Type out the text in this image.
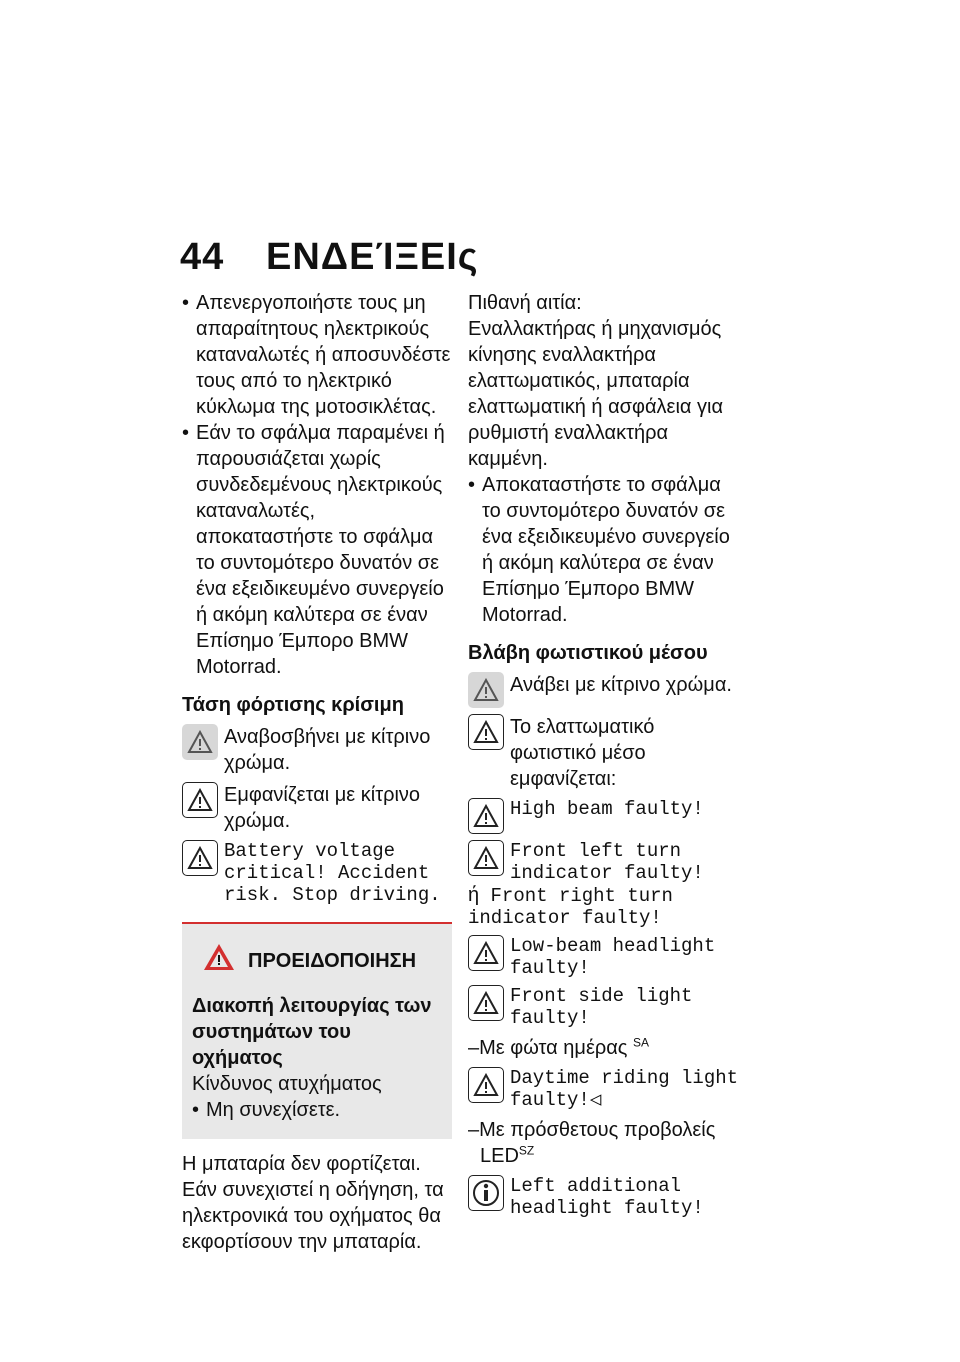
44 ΕΝΔΕΊΞΕΙς

• Απενεργοποιήστε τους μη απαραίτητους ηλεκτρικούς καταναλωτές ή αποσυνδέστε τους από το ηλεκτρικό κύκλωμα της μοτοσικλέτας.

• Εάν το σφάλμα παραμένει ή παρουσιάζεται χωρίς συνδεδεμένους ηλεκτρικούς καταναλωτές, αποκαταστήστε το σφάλμα το συντομότερο δυνατόν σε ένα εξειδικευμένο συνεργείο ή ακόμη καλύτερα σε έναν Επίσημο Έμπορο BMW Motorrad.

Τάση φόρτισης κρίσιμη

Αναβοσβήνει με κίτρινο χρώμα.
Εμφανίζεται με κίτρινο χρώμα.
Battery voltage critical! Accident risk. Stop driving.
ΠΡΟΕΙΔΟΠΟΙΗΣΗ

Διακοπή λειτουργίας των συστημάτων του οχήματος

Κίνδυνος ατυχήματος

• Μη συνεχίσετε.

Η μπαταρία δεν φορτίζεται. Εάν συνεχιστεί η οδήγηση, τα ηλεκτρονικά του οχήματος θα εκφορτίσουν την μπαταρία.

Πιθανή αιτία:

Εναλλακτήρας ή μηχανισμός κίνησης εναλλακτήρα ελαττωματικός, μπαταρία ελαττωματική ή ασφάλεια για ρυθμιστή εναλλακτήρα καμμένη.

• Αποκαταστήστε το σφάλμα το συντομότερο δυνατόν σε ένα εξειδικευμένο συνεργείο ή ακόμη καλύτερα σε έναν Επίσημο Έμπορο BMW Motorrad.

Βλάβη φωτιστικού μέσου

Ανάβει με κίτρινο χρώμα.
Το ελαττωματικό φωτιστικό μέσο εμφανίζεται:
High beam faulty!
Front left turn indicator faulty!

ή Front right turn indicator faulty!

Low-beam headlight faulty!
Front side light faulty!

–Με φώτα ημέρας $^{SA}$

Daytime riding light faulty!◁

–Με πρόσθετους προβολείς $LED^{SZ}$

Left additional headlight faulty!
